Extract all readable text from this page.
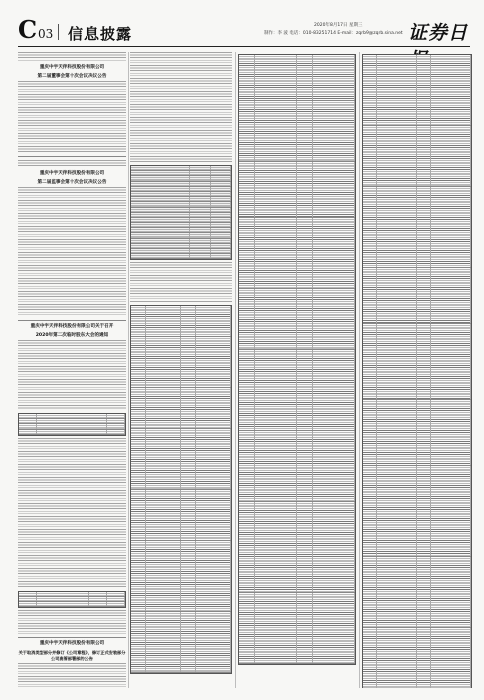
C 03 信息披露	2020年8月17日 星期三
制作：李 波 电话：010-83251714 E-mail：zqrb9@zqrb.sina.net 证券日
重庆中宇天伴科技股份有限公司
第二届董事会第十次会议决议公告
重庆中宇天伴科技股份有限公司
第二届监事会第十次会议决议公告
重庆中宇天伴科技股份有限公司关于召开
2020年第二次临时股东大会的通知
重庆中宇天伴科技股份有限公司
关于取消类型部分并修订《公司章程》，修订正式安装部分公司高管部署部的公告
